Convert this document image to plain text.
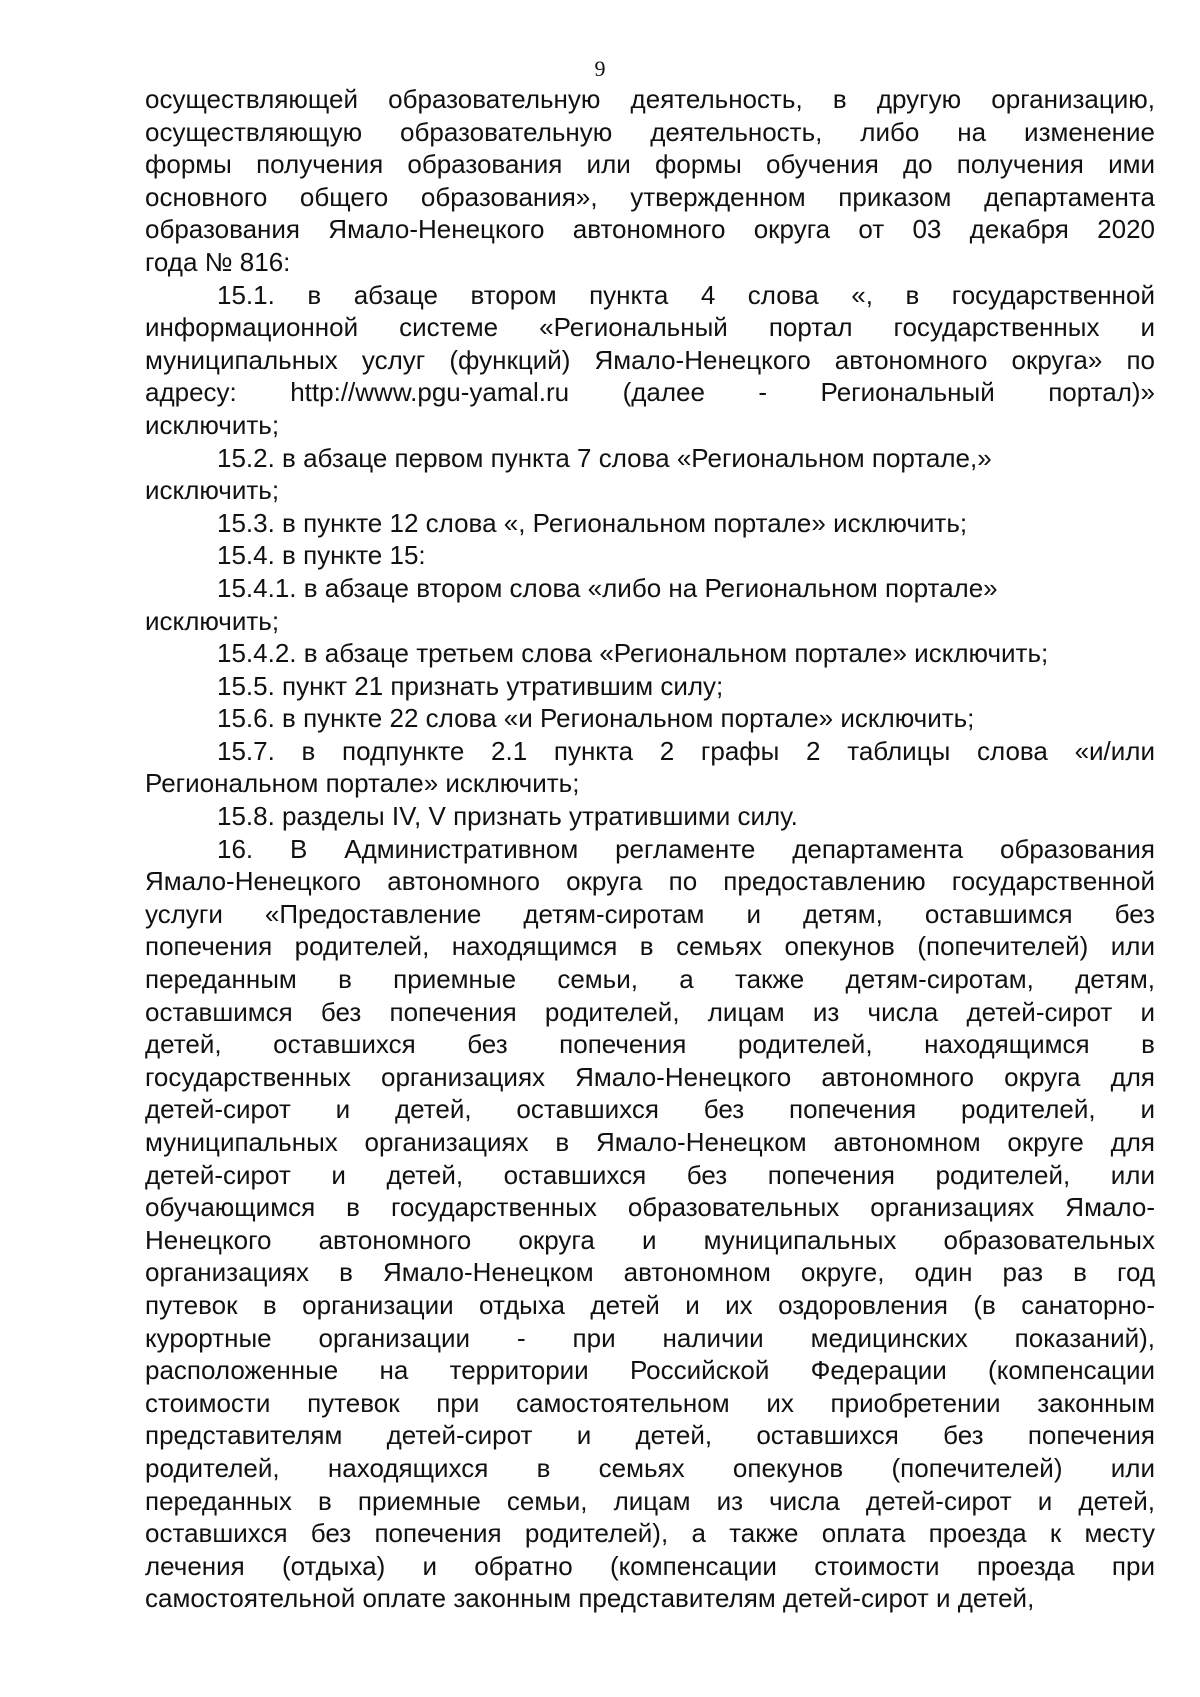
9
осуществляющей образовательную деятельность, в другую организацию,
осуществляющую образовательную деятельность, либо на изменение
формы получения образования или формы обучения до получения ими
основного общего образования», утвержденном приказом департамента
образования Ямало-Ненецкого автономного округа от 03 декабря 2020
года № 816:
15.1. в абзаце втором пункта 4 слова «, в государственной
информационной системе «Региональный портал государственных и
муниципальных услуг (функций) Ямало-Ненецкого автономного округа» по
адресу: http://www.pgu-yamal.ru (далее - Региональный портал)»
исключить;
15.2. в абзаце первом пункта 7 слова «Региональном портале,»
исключить;
15.3. в пункте 12 слова «, Региональном портале» исключить;
15.4. в пункте 15:
15.4.1. в абзаце втором слова «либо на Региональном портале»
исключить;
15.4.2. в абзаце третьем слова «Региональном портале» исключить;
15.5. пункт 21 признать утратившим силу;
15.6. в пункте 22 слова «и Региональном портале» исключить;
15.7. в подпункте 2.1 пункта 2 графы 2 таблицы слова «и/или
Региональном портале» исключить;
15.8. разделы IV, V признать утратившими силу.
16. В Административном регламенте департамента образования
Ямало-Ненецкого автономного округа по предоставлению государственной
услуги «Предоставление детям-сиротам и детям, оставшимся без
попечения родителей, находящимся в семьях опекунов (попечителей) или
переданным в приемные семьи, а также детям-сиротам, детям,
оставшимся без попечения родителей, лицам из числа детей-сирот и
детей, оставшихся без попечения родителей, находящимся в
государственных организациях Ямало-Ненецкого автономного округа для
детей-сирот и детей, оставшихся без попечения родителей, и
муниципальных организациях в Ямало-Ненецком автономном округе для
детей-сирот и детей, оставшихся без попечения родителей, или
обучающимся в государственных образовательных организациях Ямало-
Ненецкого автономного округа и муниципальных образовательных
организациях в Ямало-Ненецком автономном округе, один раз в год
путевок в организации отдыха детей и их оздоровления (в санаторно-
курортные организации - при наличии медицинских показаний),
расположенные на территории Российской Федерации (компенсации
стоимости путевок при самостоятельном их приобретении законным
представителям детей-сирот и детей, оставшихся без попечения
родителей, находящихся в семьях опекунов (попечителей) или
переданных в приемные семьи, лицам из числа детей-сирот и детей,
оставшихся без попечения родителей), а также оплата проезда к месту
лечения (отдыха) и обратно (компенсации стоимости проезда при
самостоятельной оплате законным представителям детей-сирот и детей,
